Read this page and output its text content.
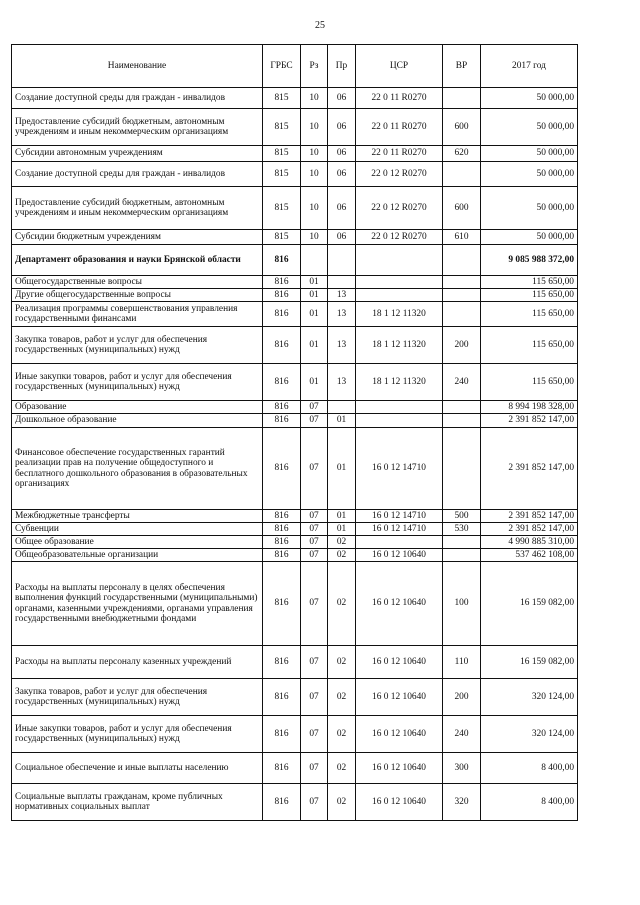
25
Наименование	ГРБС	Рз	Пр	ЦСР	ВР	2017 год
Создание доступной среды для граждан - инвалидов	815	10	06	22 0 11 R0270		50 000,00
Предоставление субсидий бюджетным, автономным учреждениям и иным некоммерческим организациям	815	10	06	22 0 11 R0270	600	50 000,00
Субсидии автономным учреждениям	815	10	06	22 0 11 R0270	620	50 000,00
Создание доступной среды для граждан - инвалидов	815	10	06	22 0 12 R0270		50 000,00
Предоставление субсидий бюджетным, автономным учреждениям и иным некоммерческим организациям	815	10	06	22 0 12 R0270	600	50 000,00
Субсидии бюджетным учреждениям	815	10	06	22 0 12 R0270	610	50 000,00
Департамент образования и науки Брянской области	816					9 085 988 372,00
Общегосударственные вопросы	816	01				115 650,00
Другие общегосударственные вопросы	816	01	13			115 650,00
Реализация программы совершенствования управления государственными финансами	816	01	13	18 1 12 11320		115 650,00
Закупка товаров, работ и услуг для обеспечения государственных (муниципальных) нужд	816	01	13	18 1 12 11320	200	115 650,00
Иные закупки товаров, работ и услуг для обеспечения государственных (муниципальных) нужд	816	01	13	18 1 12 11320	240	115 650,00
Образование	816	07				8 994 198 328,00
Дошкольное образование	816	07	01			2 391 852 147,00
Финансовое обеспечение государственных гарантий реализации прав на получение общедоступного и бесплатного дошкольного образования в образовательных организациях	816	07	01	16 0 12 14710		2 391 852 147,00
Межбюджетные трансферты	816	07	01	16 0 12 14710	500	2 391 852 147,00
Субвенции	816	07	01	16 0 12 14710	530	2 391 852 147,00
Общее образование	816	07	02			4 990 885 310,00
Общеобразовательные организации	816	07	02	16 0 12 10640		537 462 108,00
Расходы на выплаты персоналу в целях обеспечения выполнения функций государственными (муниципальными) органами, казенными учреждениями, органами управления государственными внебюджетными фондами	816	07	02	16 0 12 10640	100	16 159 082,00
Расходы на выплаты персоналу казенных учреждений	816	07	02	16 0 12 10640	110	16 159 082,00
Закупка товаров, работ и услуг для обеспечения государственных (муниципальных) нужд	816	07	02	16 0 12 10640	200	320 124,00
Иные закупки товаров, работ и услуг для обеспечения государственных (муниципальных) нужд	816	07	02	16 0 12 10640	240	320 124,00
Социальное обеспечение и иные выплаты населению	816	07	02	16 0 12 10640	300	8 400,00
Социальные выплаты гражданам, кроме публичных нормативных социальных выплат	816	07	02	16 0 12 10640	320	8 400,00
